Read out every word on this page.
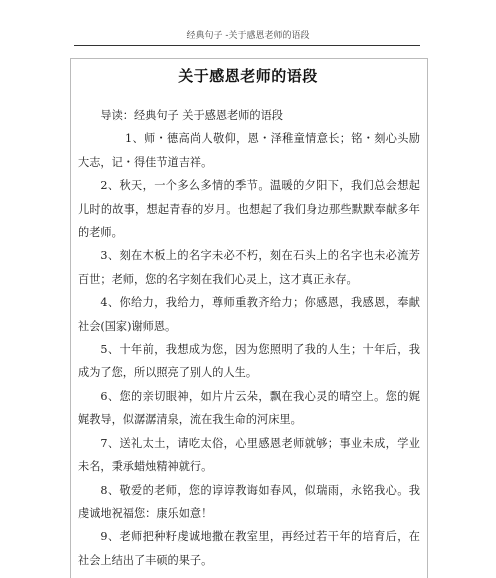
经典句子 -关于感恩老师的语段
关于感恩老师的语段

导读：经典句子 关于感恩老师的语段

1、师・德高尚人敬仰，恩・泽稚童情意长；铭・刻心头励大志，记・得佳节道吉祥。

2、秋天，一个多么多情的季节。温暖的夕阳下，我们总会想起儿时的故事，想起青春的岁月。也想起了我们身边那些默默奉献多年的老师。

3、刻在木板上的名字未必不朽，刻在石头上的名字也未必流芳百世；老师，您的名字刻在我们心灵上，这才真正永存。

4、你给力，我给力，尊师重教齐给力；你感恩，我感恩，奉献社会(国家)谢师恩。

5、十年前，我想成为您，因为您照明了我的人生；十年后，我成为了您，所以照亮了别人的人生。

6、您的亲切眼神，如片片云朵，飘在我心灵的晴空上。您的娓娓教导，似潺潺清泉，流在我生命的河床里。

7、送礼太土，请吃太俗，心里感恩老师就够；事业未成，学业未名，秉承蜡烛精神就行。

8、敬爱的老师，您的谆谆教诲如春风，似瑞雨，永铭我心。我虔诚地祝福您：康乐如意！

9、老师把种籽虔诚地撒在教室里，再经过若干年的培育后，在社会上结出了丰硕的果子。
